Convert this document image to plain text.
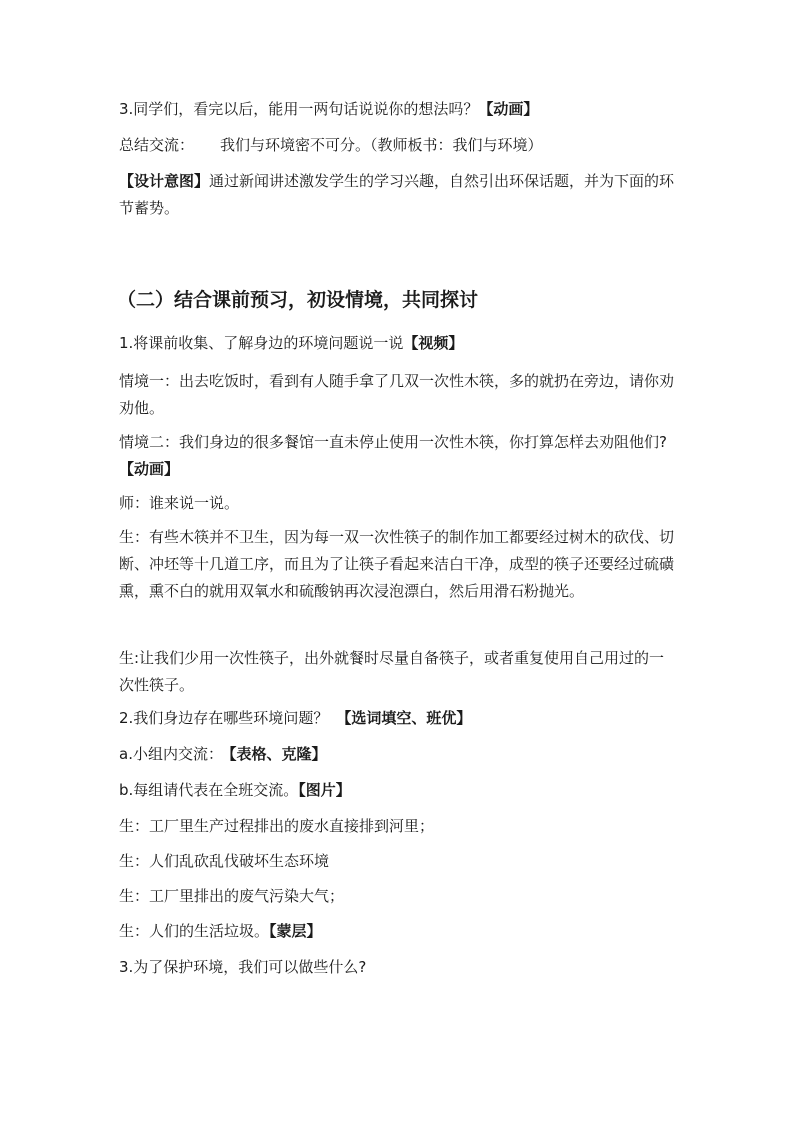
3.同学们，看完以后，能用一两句话说说你的想法吗？【动画】
总结交流： 我们与环境密不可分。（教师板书：我们与环境）
【设计意图】通过新闻讲述激发学生的学习兴趣，自然引出环保话题，并为下面的环节蓄势。
（二）结合课前预习，初设情境，共同探讨
1.将课前收集、了解身边的环境问题说一说【视频】
情境一：出去吃饭时，看到有人随手拿了几双一次性木筷，多的就扔在旁边，请你劝劝他。
情境二：我们身边的很多餐馆一直未停止使用一次性木筷，你打算怎样去劝阻他们?【动画】
师：谁来说一说。
生：有些木筷并不卫生，因为每一双一次性筷子的制作加工都要经过树木的砍伐、切断、冲坯等十几道工序，而且为了让筷子看起来洁白干净，成型的筷子还要经过硫磺熏，熏不白的就用双氧水和硫酸钠再次浸泡漂白，然后用滑石粉抛光。
生:让我们少用一次性筷子，出外就餐时尽量自备筷子，或者重复使用自己用过的一次性筷子。
2.我们身边存在哪些环境问题？ 【选词填空、班优】
a.小组内交流： 【表格、克隆】
b.每组请代表在全班交流。【图片】
生：工厂里生产过程排出的废水直接排到河里；
生：人们乱砍乱伐破坏生态环境
生：工厂里排出的废气污染大气；
生：人们的生活垃圾。【蒙层】
3.为了保护环境，我们可以做些什么?
